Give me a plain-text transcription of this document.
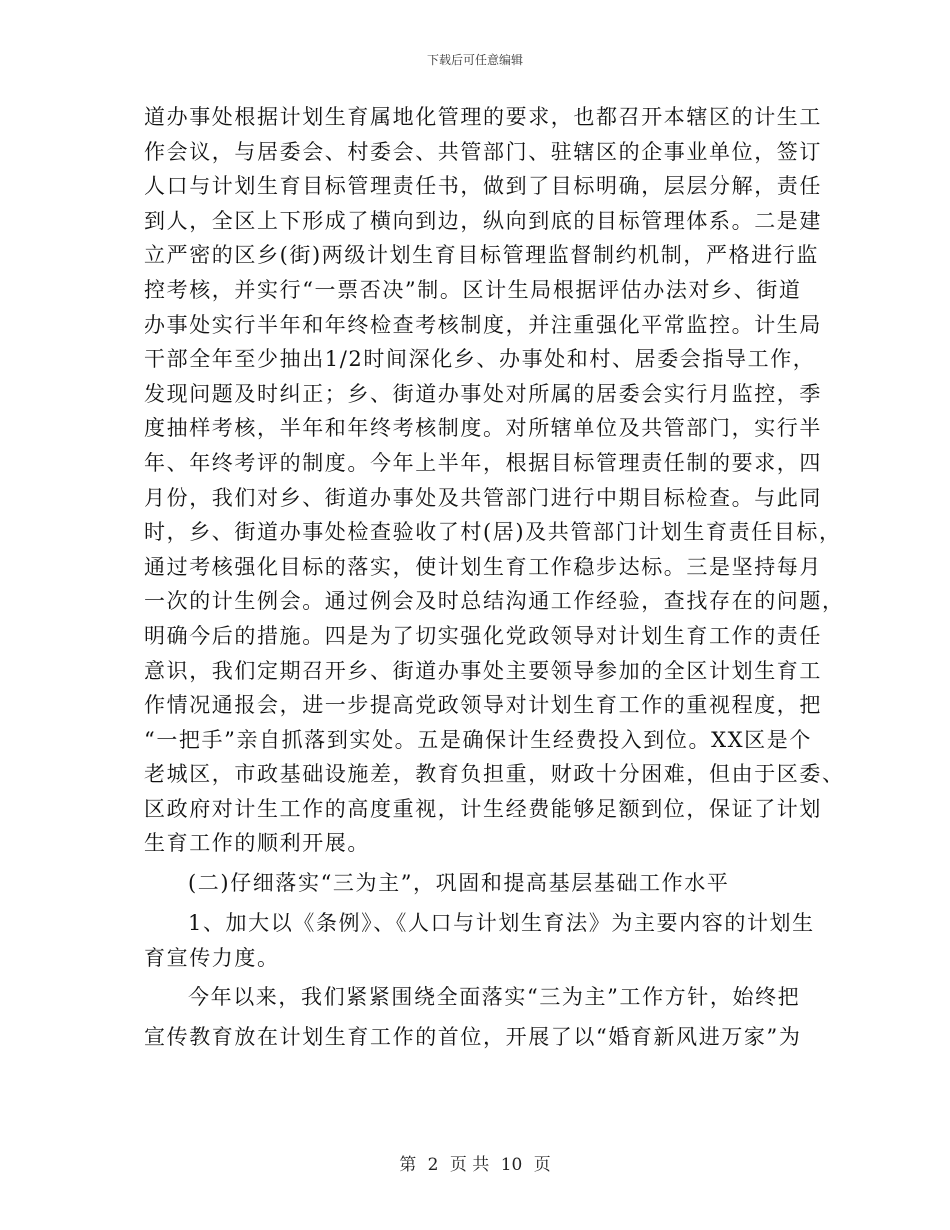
下载后可任意编辑
道办事处根据计划生育属地化管理的要求，也都召开本辖区的计生工
作会议，与居委会、村委会、共管部门、驻辖区的企事业单位，签订
人口与计划生育目标管理责任书，做到了目标明确，层层分解，责任
到人，全区上下形成了横向到边，纵向到底的目标管理体系。二是建
立严密的区乡(街)两级计划生育目标管理监督制约机制，严格进行监
控考核，并实行“一票否决”制。区计生局根据评估办法对乡、街道
办事处实行半年和年终检查考核制度，并注重强化平常监控。计生局
干部全年至少抽出1/2时间深化乡、办事处和村、居委会指导工作，
发现问题及时纠正；乡、街道办事处对所属的居委会实行月监控，季
度抽样考核，半年和年终考核制度。对所辖单位及共管部门，实行半
年、年终考评的制度。今年上半年，根据目标管理责任制的要求，四
月份，我们对乡、街道办事处及共管部门进行中期目标检查。与此同
时，乡、街道办事处检查验收了村(居)及共管部门计划生育责任目标，
通过考核强化目标的落实，使计划生育工作稳步达标。三是坚持每月
一次的计生例会。通过例会及时总结沟通工作经验，查找存在的问题，
明确今后的措施。四是为了切实强化党政领导对计划生育工作的责任
意识，我们定期召开乡、街道办事处主要领导参加的全区计划生育工
作情况通报会，进一步提高党政领导对计划生育工作的重视程度，把
“一把手”亲自抓落到实处。五是确保计生经费投入到位。XX区是个
老城区，市政基础设施差，教育负担重，财政十分困难，但由于区委、
区政府对计生工作的高度重视，计生经费能够足额到位，保证了计划
生育工作的顺利开展。
(二)仔细落实“三为主”，巩固和提高基层基础工作水平
1、加大以《条例》、《人口与计划生育法》为主要内容的计划生
育宣传力度。
今年以来，我们紧紧围绕全面落实“三为主”工作方针，始终把
宣传教育放在计划生育工作的首位，开展了以“婚育新风进万家”为
第 2 页 共 10 页
